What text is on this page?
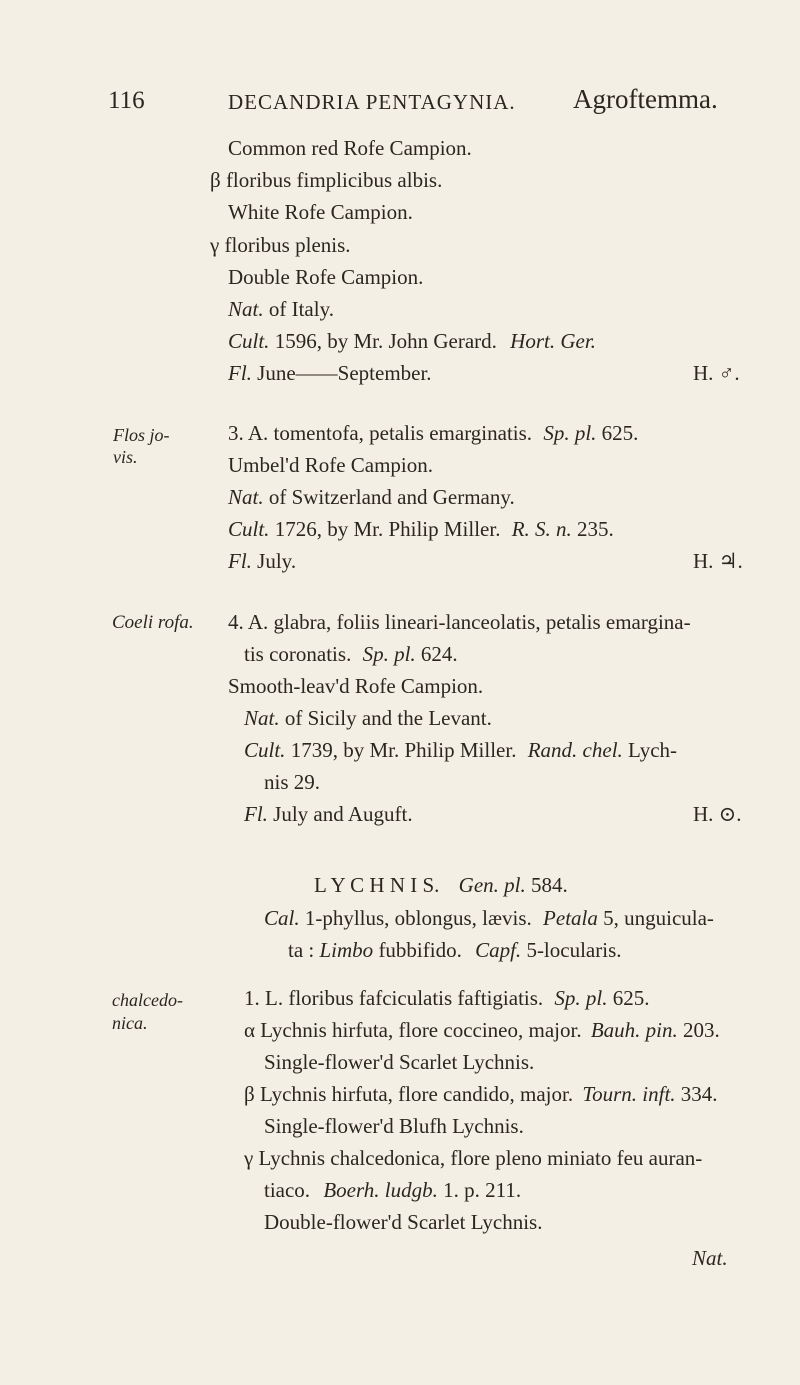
116	DECANDRIA PENTAGYNIA. Agroftemma.
Common red Rofe Campion.
β floribus fimplicibus albis.
White Rofe Campion.
γ floribus plenis.
Double Rofe Campion.
Nat. of Italy.
Cult. 1596, by Mr. John Gerard. Hort. Ger.
Fl. June——September.	H. ♂.
Flos jo-
vis.
3. A. tomentofa, petalis emarginatis. Sp. pl. 625.
Umbel'd Rofe Campion.
Nat. of Switzerland and Germany.
Cult. 1726, by Mr. Philip Miller. R. S. n. 235.
Fl. July.	H. ♃.
Coeli rofa. 4. A. glabra, foliis lineari-lanceolatis, petalis emargina-
tis coronatis. Sp. pl. 624.
Smooth-leav'd Rofe Campion.
Nat. of Sicily and the Levant.
Cult. 1739, by Mr. Philip Miller. Rand. chel. Lych-
nis 29.
Fl. July and Auguft.	H. ⊙.
L Y C H N I S. Gen. pl. 584.
Cal. 1-phyllus, oblongus, lævis. Petala 5, unguicula-
ta : Limbo fubbifido. Capf. 5-locularis.
chalcedo-
nica.
1. L. floribus fafciculatis faftigiatis. Sp. pl. 625.
α Lychnis hirfuta, flore coccineo, major. Bauh. pin. 203.
Single-flower'd Scarlet Lychnis.
β Lychnis hirfuta, flore candido, major. Tourn. inft. 334.
Single-flower'd Blufh Lychnis.
γ Lychnis chalcedonica, flore pleno miniato feu auran-
tiaco. Boerh. ludgb. 1. p. 211.
Double-flower'd Scarlet Lychnis.
Nat.
